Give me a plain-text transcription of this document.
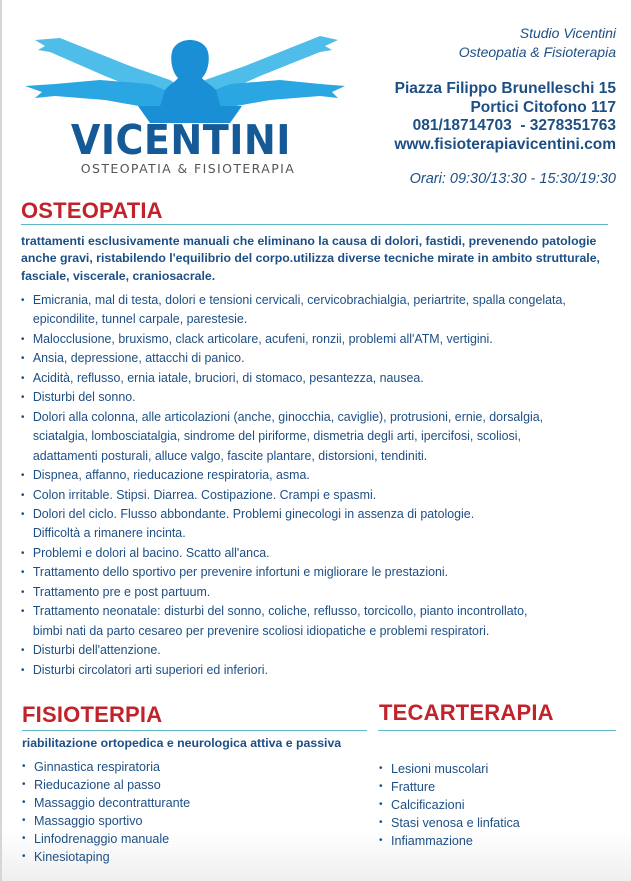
VICENTINI
OSTEOPATIA & FISIOTERAPIA
Studio Vicentini
Osteopatia & Fisioterapia
Piazza Filippo Brunelleschi 15
Portici Citofono 117
081/18714703  - 3278351763
www.fisioterapiavicentini.com
Orari: 09:30/13:30 - 15:30/19:30
OSTEOPATIA
trattamenti esclusivamente manuali che eliminano la causa di dolori, fastidi, prevenendo patologie
anche gravi, ristabilendo l'equilibrio del corpo.utilizza diverse tecniche mirate in ambito strutturale,
fasciale, viscerale, craniosacrale.
• Emicrania, mal di testa, dolori e tensioni cervicali, cervicobrachialgia, periartrite, spalla congelata,
epicondilite, tunnel carpale, parestesie.
• Malocclusione, bruxismo, clack articolare, acufeni, ronzii, problemi all'ATM, vertigini.
• Ansia, depressione, attacchi di panico.
• Acidità, reflusso, ernia iatale, bruciori, di stomaco, pesantezza, nausea.
• Disturbi del sonno.
• Dolori alla colonna, alle articolazioni (anche, ginocchia, caviglie), protrusioni, ernie, dorsalgia,
sciatalgia, lombosciatalgia, sindrome del piriforme, dismetria degli arti, ipercifosi, scoliosi,
adattamenti posturali, alluce valgo, fascite plantare, distorsioni, tendiniti.
• Dispnea, affanno, rieducazione respiratoria, asma.
• Colon irritable. Stipsi. Diarrea. Costipazione. Crampi e spasmi.
• Dolori del ciclo. Flusso abbondante. Problemi ginecologi in assenza di patologie.
Difficoltà a rimanere incinta.
• Problemi e dolori al bacino. Scatto all'anca.
• Trattamento dello sportivo per prevenire infortuni e migliorare le prestazioni.
• Trattamento pre e post partuum.
• Trattamento neonatale: disturbi del sonno, coliche, reflusso, torcicollo, pianto incontrollato,
bimbi nati da parto cesareo per prevenire scoliosi idiopatiche e problemi respiratori.
• Disturbi dell'attenzione.
• Disturbi circolatori arti superiori ed inferiori.
FISIOTERPIA
riabilitazione ortopedica e neurologica attiva e passiva
• Ginnastica respiratoria
• Rieducazione al passo
• Massaggio decontratturante
• Massaggio sportivo
• Linfodrenaggio manuale
• Kinesiotaping
TECARTERAPIA
• Lesioni muscolari
• Fratture
• Calcificazioni
• Stasi venosa e linfatica
• Infiammazione
